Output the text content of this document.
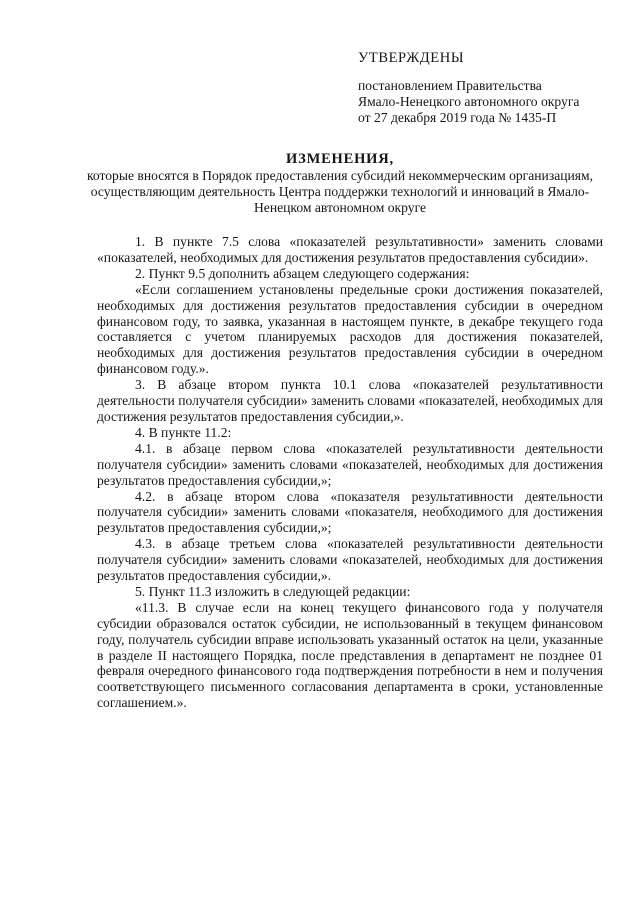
УТВЕРЖДЕНЫ
постановлением Правительства
Ямало-Ненецкого автономного округа
от 27 декабря 2019 года № 1435-П
ИЗМЕНЕНИЯ,
которые вносятся в Порядок предоставления субсидий некоммерческим организациям, осуществляющим деятельность Центра поддержки технологий и инноваций в Ямало-Ненецком автономном округе

1. В пункте 7.5 слова «показателей результативности» заменить словами «показателей, необходимых для достижения результатов предоставления субсидии».

2. Пункт 9.5 дополнить абзацем следующего содержания:

«Если соглашением установлены предельные сроки достижения показателей, необходимых для достижения результатов предоставления субсидии в очередном финансовом году, то заявка, указанная в настоящем пункте, в декабре текущего года составляется с учетом планируемых расходов для достижения показателей, необходимых для достижения результатов предоставления субсидии в очередном финансовом году.».

3. В абзаце втором пункта 10.1 слова «показателей результативности деятельности получателя субсидии» заменить словами «показателей, необходимых для достижения результатов предоставления субсидии,».

4. В пункте 11.2:

4.1. в абзаце первом слова «показателей результативности деятельности получателя субсидии» заменить словами «показателей, необходимых для достижения результатов предоставления субсидии,»;

4.2. в абзаце втором слова «показателя результативности деятельности получателя субсидии» заменить словами «показателя, необходимого для достижения результатов предоставления субсидии,»;

4.3. в абзаце третьем слова «показателей результативности деятельности получателя субсидии» заменить словами «показателей, необходимых для достижения результатов предоставления субсидии,».

5. Пункт 11.3 изложить в следующей редакции:

«11.3. В случае если на конец текущего финансового года у получателя субсидии образовался остаток субсидии, не использованный в текущем финансовом году, получатель субсидии вправе использовать указанный остаток на цели, указанные в разделе II настоящего Порядка, после представления в департамент не позднее 01 февраля очередного финансового года подтверждения потребности в нем и получения соответствующего письменного согласования департамента в сроки, установленные соглашением.».
